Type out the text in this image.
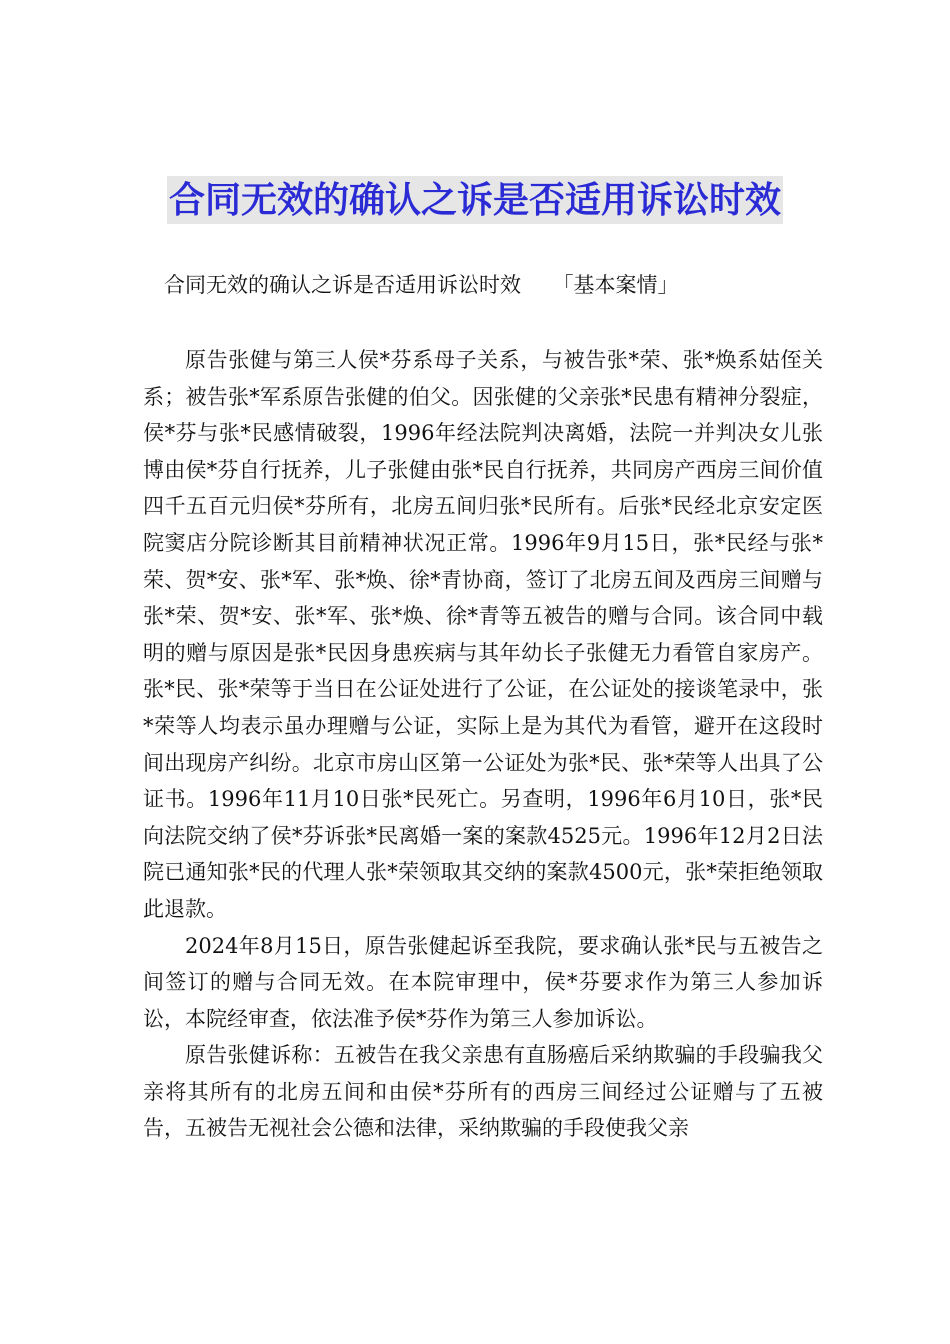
合同无效的确认之诉是否适用诉讼时效
合同无效的确认之诉是否适用诉讼时效　　「基本案情」

原告张健与第三人侯*芬系母子关系，与被告张*荣、张*焕系姑侄关系；被告张*军系原告张健的伯父。因张健的父亲张*民患有精神分裂症，侯*芬与张*民感情破裂，1996年经法院判决离婚，法院一并判决女儿张博由侯*芬自行抚养，儿子张健由张*民自行抚养，共同房产西房三间价值四千五百元归侯*芬所有，北房五间归张*民所有。后张*民经北京安定医院窦店分院诊断其目前精神状况正常。1996年9月15日，张*民经与张*荣、贺*安、张*军、张*焕、徐*青协商，签订了北房五间及西房三间赠与张*荣、贺*安、张*军、张*焕、徐*青等五被告的赠与合同。该合同中载明的赠与原因是张*民因身患疾病与其年幼长子张健无力看管自家房产。张*民、张*荣等于当日在公证处进行了公证，在公证处的接谈笔录中，张*荣等人均表示虽办理赠与公证，实际上是为其代为看管，避开在这段时间出现房产纠纷。北京市房山区第一公证处为张*民、张*荣等人出具了公证书。1996年11月10日张*民死亡。另查明，1996年6月10日，张*民向法院交纳了侯*芬诉张*民离婚一案的案款4525元。1996年12月2日法院已通知张*民的代理人张*荣领取其交纳的案款4500元，张*荣拒绝领取此退款。

2024年8月15日，原告张健起诉至我院，要求确认张*民与五被告之间签订的赠与合同无效。在本院审理中，侯*芬要求作为第三人参加诉讼，本院经审查，依法准予侯*芬作为第三人参加诉讼。

原告张健诉称：五被告在我父亲患有直肠癌后采纳欺骗的手段骗我父亲将其所有的北房五间和由侯*芬所有的西房三间经过公证赠与了五被告，五被告无视社会公德和法律，采纳欺骗的手段使我父亲
